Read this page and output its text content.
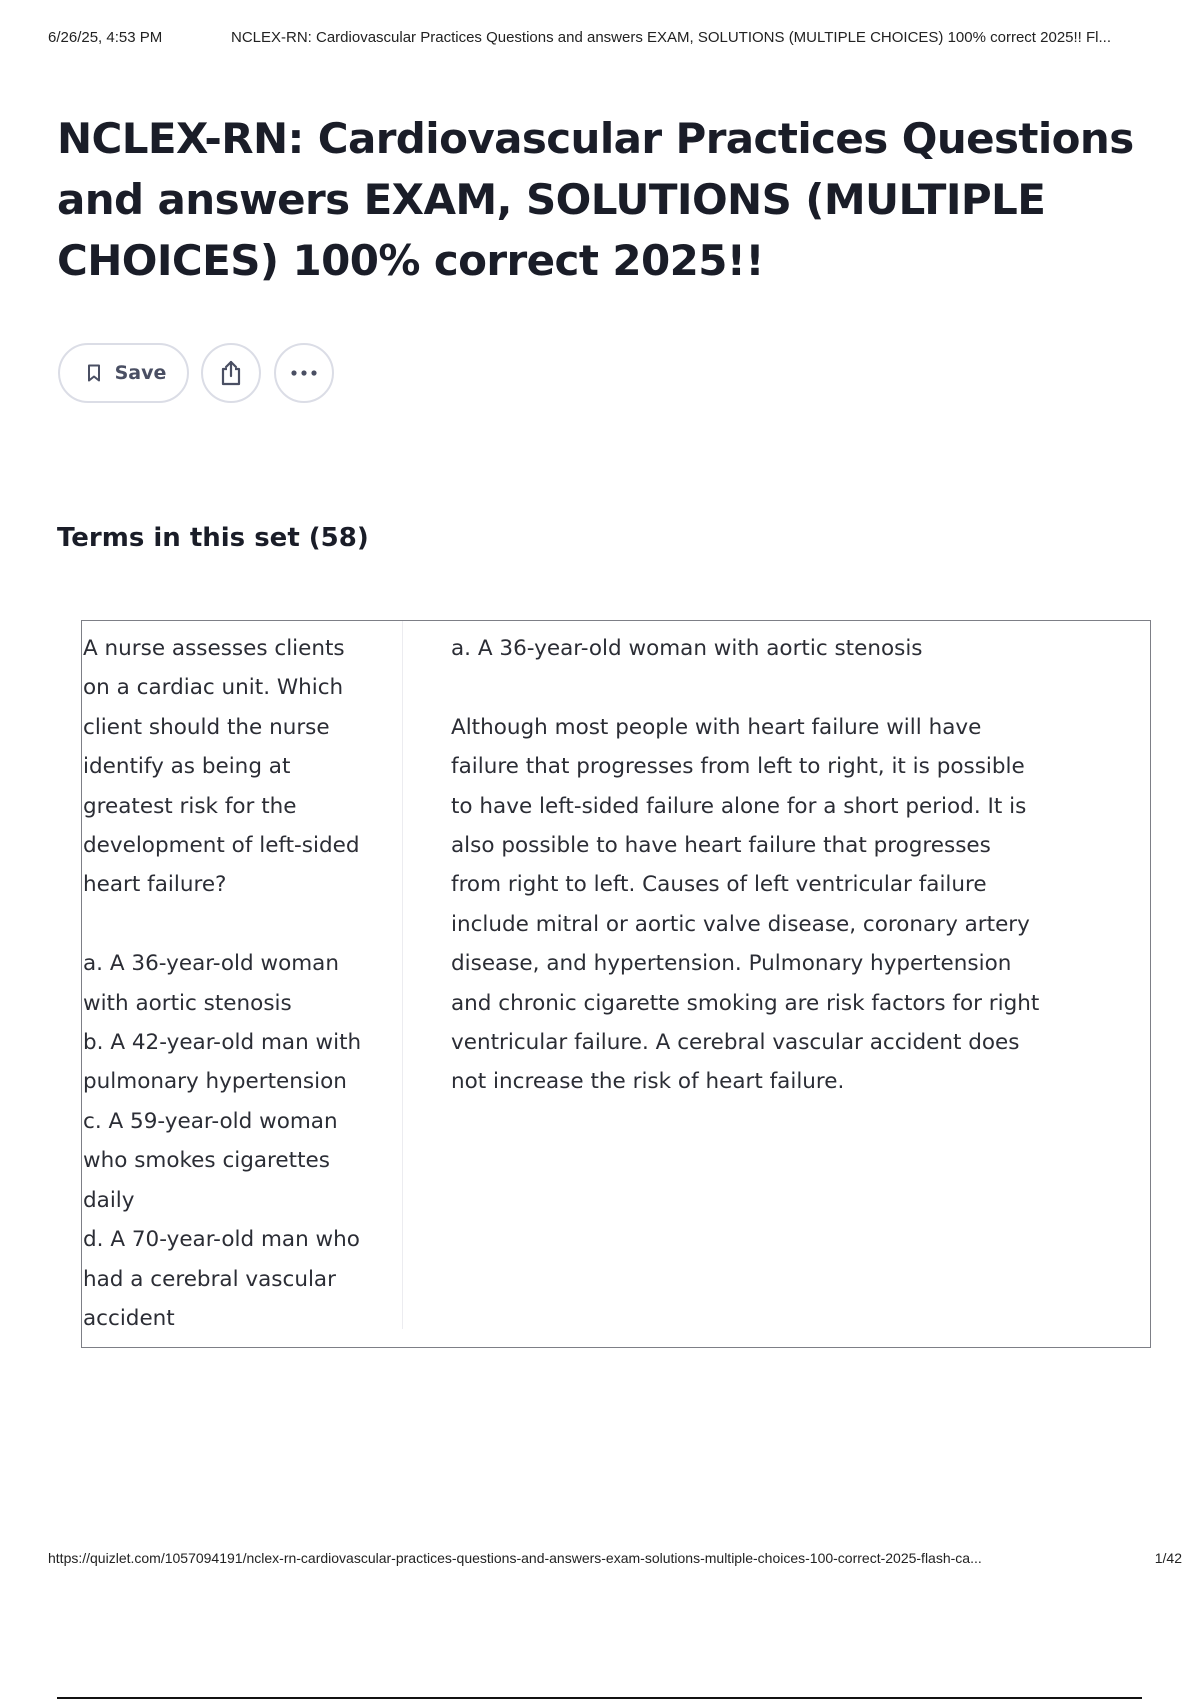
6/26/25, 4:53 PM	NCLEX-RN: Cardiovascular Practices Questions and answers EXAM, SOLUTIONS (MULTIPLE CHOICES) 100% correct 2025!! Fl...
NCLEX-RN: Cardiovascular Practices Questions and answers EXAM, SOLUTIONS (MULTIPLE CHOICES) 100% correct 2025!!
Save
Terms in this set (58)
A nurse assesses clients
on a cardiac unit. Which
client should the nurse
identify as being at
greatest risk for the
development of left-sided
heart failure?

a. A 36-year-old woman
with aortic stenosis
b. A 42-year-old man with
pulmonary hypertension
c. A 59-year-old woman
who smokes cigarettes
daily
d. A 70-year-old man who
had a cerebral vascular
accident
a. A 36-year-old woman with aortic stenosis

Although most people with heart failure will have
failure that progresses from left to right, it is possible
to have left-sided failure alone for a short period. It is
also possible to have heart failure that progresses
from right to left. Causes of left ventricular failure
include mitral or aortic valve disease, coronary artery
disease, and hypertension. Pulmonary hypertension
and chronic cigarette smoking are risk factors for right
ventricular failure. A cerebral vascular accident does
not increase the risk of heart failure.
https://quizlet.com/1057094191/nclex-rn-cardiovascular-practices-questions-and-answers-exam-solutions-multiple-choices-100-correct-2025-flash-ca...	1/42
